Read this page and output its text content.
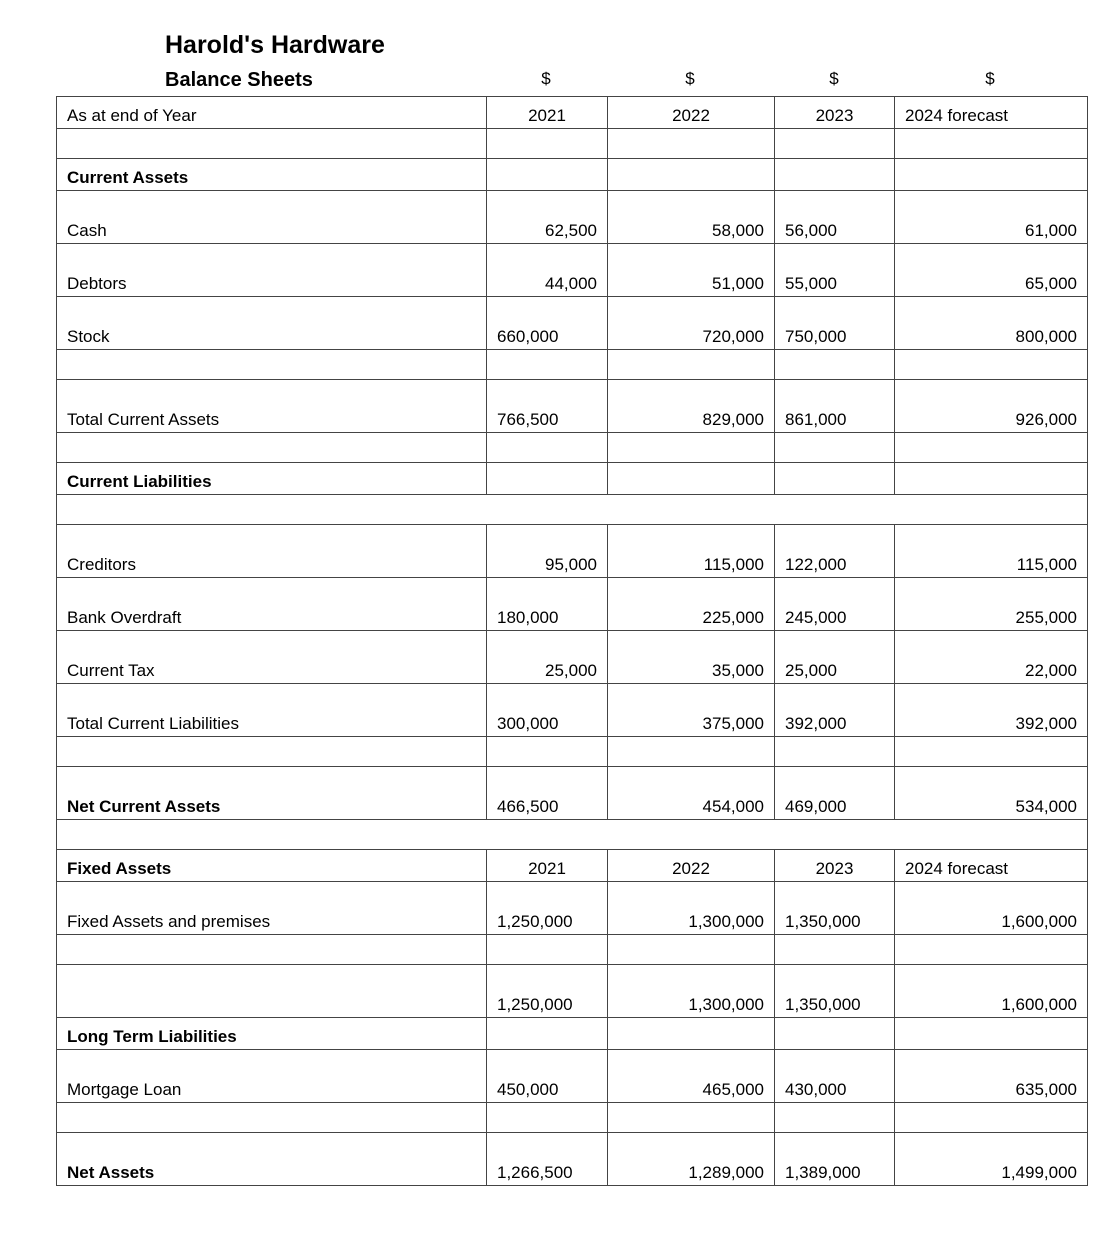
Harold's Hardware
Balance Sheets	$	$	$	$
As at end of Year	2021	2022	2023	2024 forecast

Current Assets				
Cash	62,500	58,000	56,000	61,000
Debtors	44,000	51,000	55,000	65,000
Stock	660,000	720,000	750,000	800,000

Total Current Assets	766,500	829,000	861,000	926,000

Current Liabilities				

Creditors	95,000	115,000	122,000	115,000
Bank Overdraft	180,000	225,000	245,000	255,000
Current Tax	25,000	35,000	25,000	22,000
Total Current Liabilities	300,000	375,000	392,000	392,000

Net Current Assets	466,500	454,000	469,000	534,000

Fixed Assets	2021	2022	2023	2024 forecast
Fixed Assets and premises	1,250,000	1,300,000	1,350,000	1,600,000

	1,250,000	1,300,000	1,350,000	1,600,000
Long Term Liabilities				
Mortgage Loan	450,000	465,000	430,000	635,000

Net Assets	1,266,500	1,289,000	1,389,000	1,499,000
